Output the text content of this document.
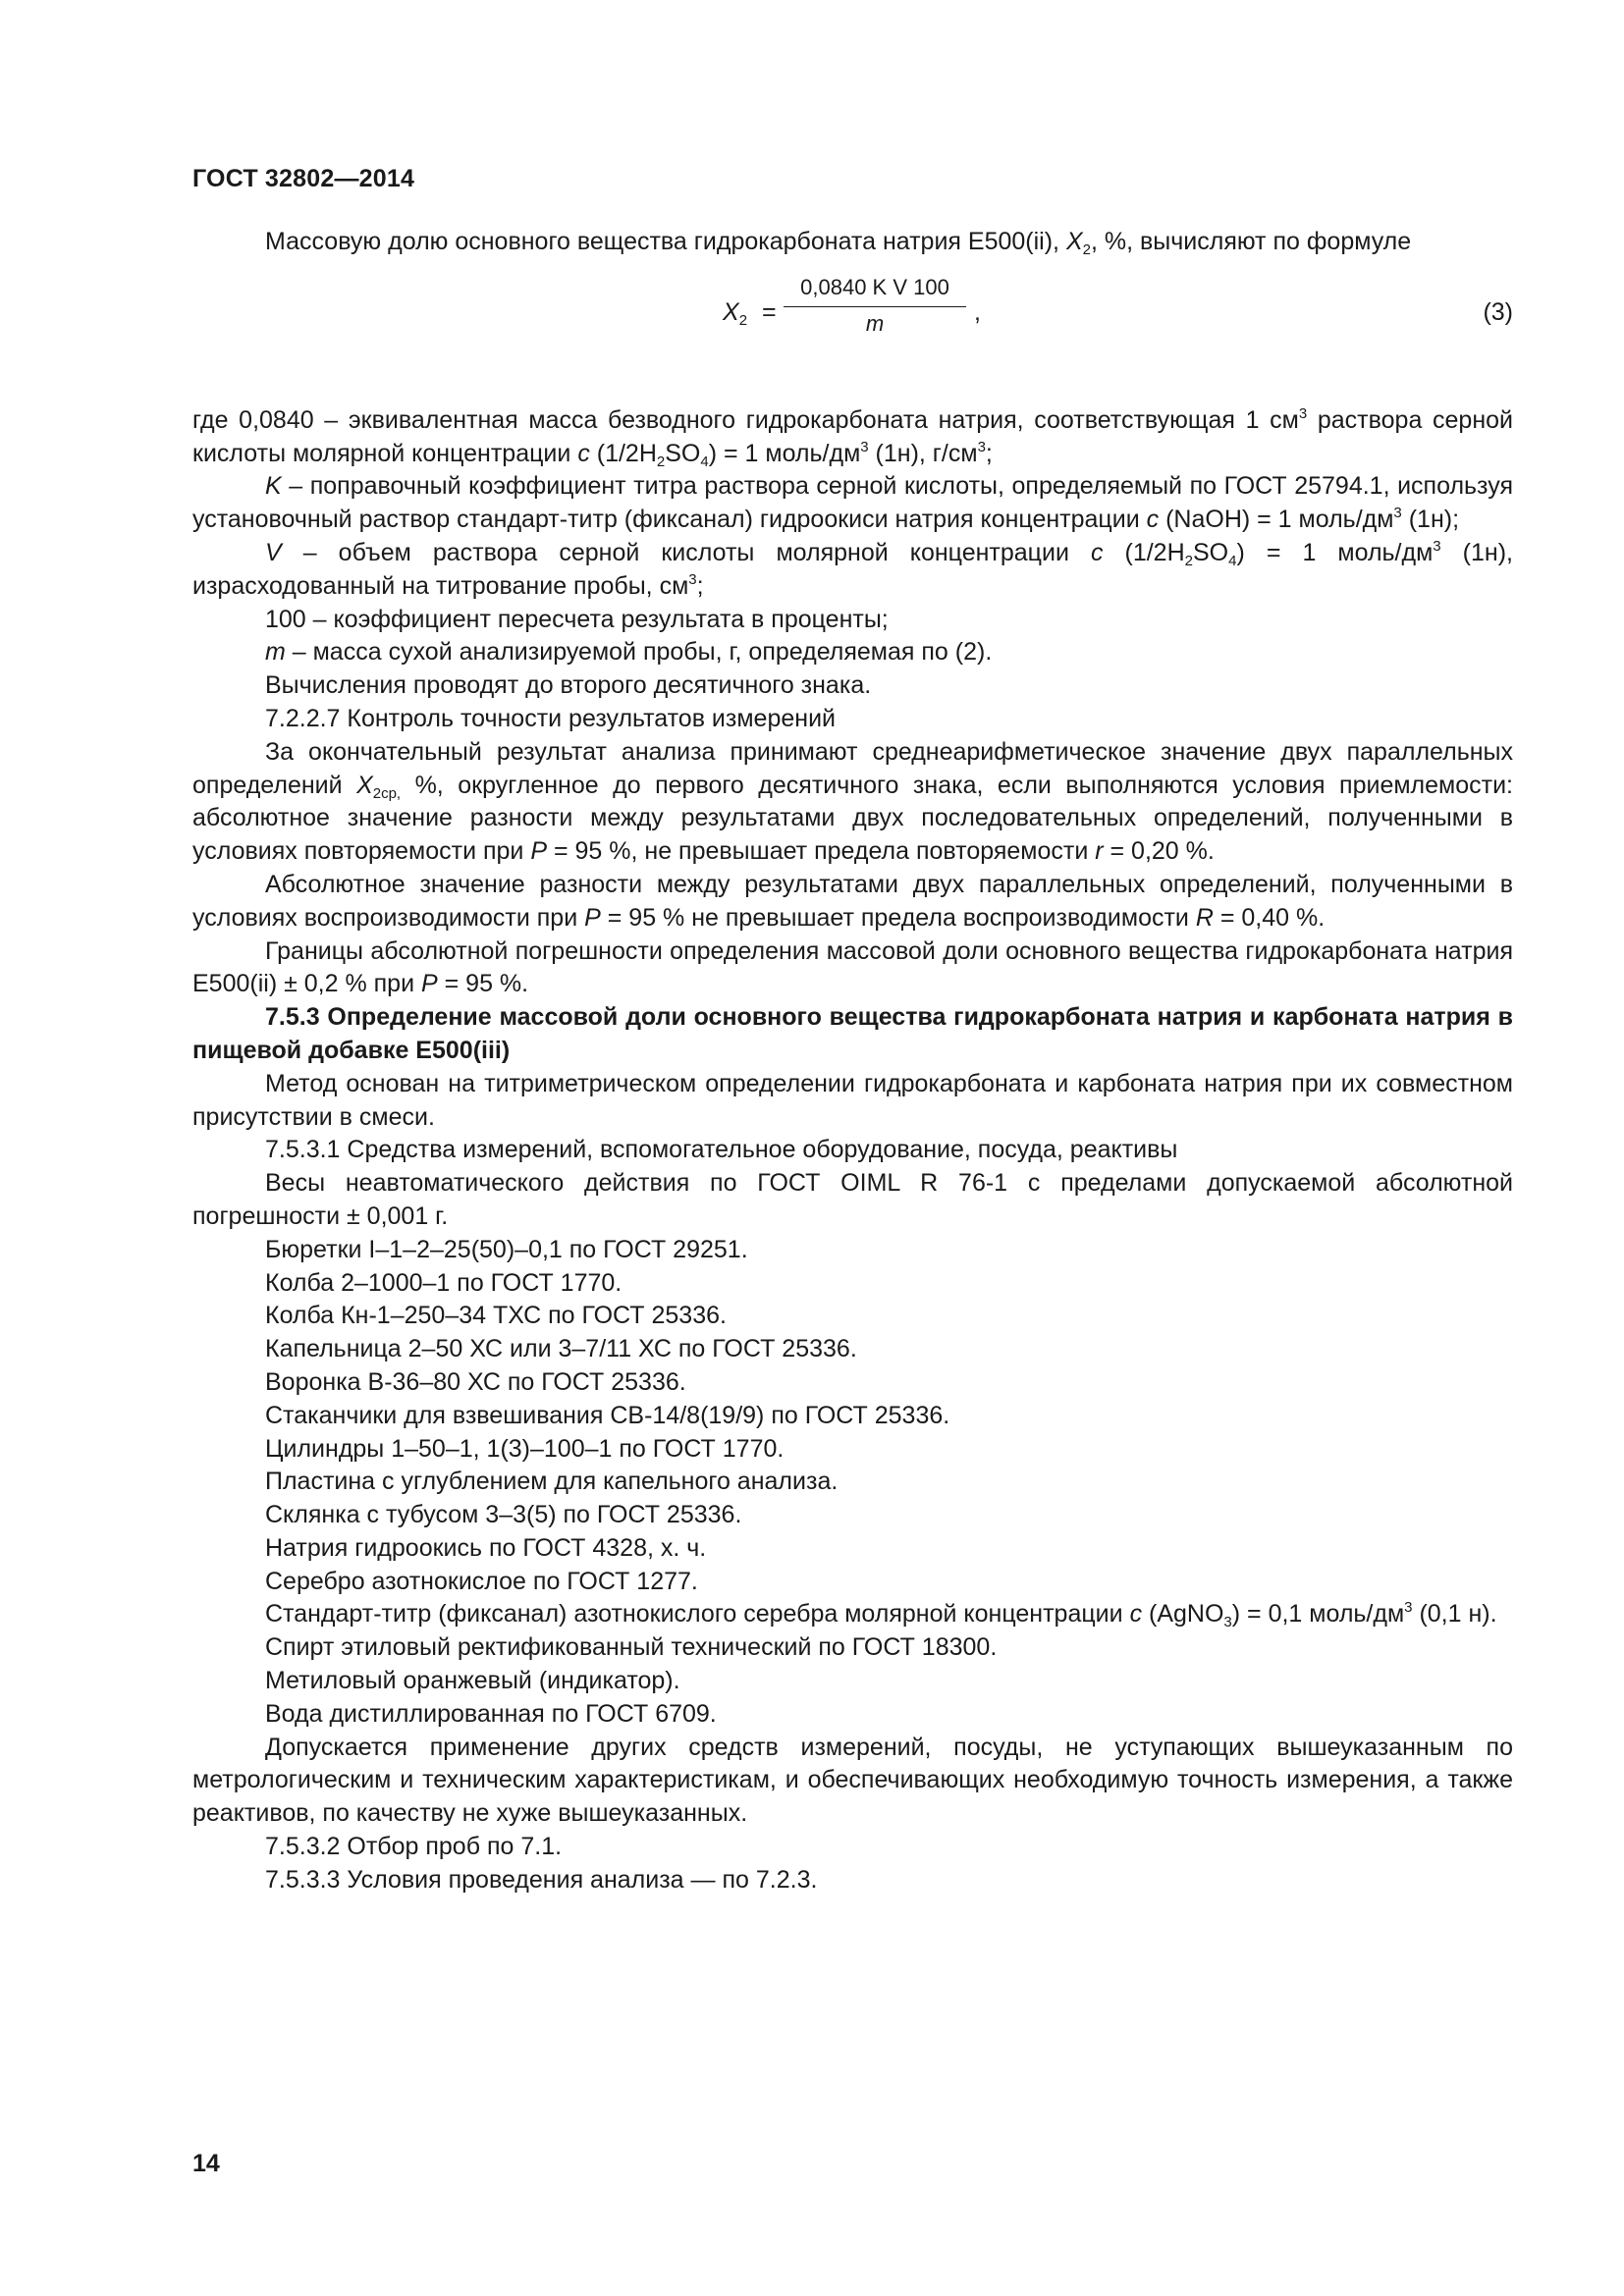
ГОСТ 32802—2014

Массовую долю основного вещества гидрокарбоната натрия Е500(ii), $X_2$, %, вычисляют по формуле

$X_2 = \frac{\text{0,0840 K V 100}}{m}$ ,	(3)

где 0,0840 – эквивалентная масса безводного гидрокарбоната натрия, соответствующая 1 $см^3$ раствора серной кислоты молярной концентрации c $(1/2H_2SO_4) = 1$ моль/$дм^3$ (1н), $г/см^3$;

K – поправочный коэффициент титра раствора серной кислоты, определяемый по ГОСТ 25794.1, используя установочный раствор стандарт-титр (фиксанал) гидроокиси натрия концентрации c (NaOH) = 1 моль/$дм^3$ (1н);

V – объем раствора серной кислоты молярной концентрации c $(1/2H_2SO_4) = 1$ моль/$дм^3$ (1н), израсходованный на титрование пробы, $см^3$;

100 – коэффициент пересчета результата в проценты;

m – масса сухой анализируемой пробы, г, определяемая по (2).

Вычисления проводят до второго десятичного знака.

7.2.2.7 Контроль точности результатов измерений

За окончательный результат анализа принимают среднеарифметическое значение двух параллельных определений $X_{2ср,}$ %, округленное до первого десятичного знака, если выполняются условия приемлемости: абсолютное значение разности между результатами двух последовательных определений, полученными в условиях повторяемости при P = 95 %, не превышает предела повторяемости r = 0,20 %.

Абсолютное значение разности между результатами двух параллельных определений, полученными в условиях воспроизводимости при P = 95 % не превышает предела воспроизводимости R = 0,40 %.

Границы абсолютной погрешности определения массовой доли основного вещества гидрокарбоната натрия Е500(ii) ± 0,2 % при P = 95 %.

7.5.3 Определение массовой доли основного вещества гидрокарбоната натрия и карбоната натрия в пищевой добавке Е500(iii)

Метод основан на титриметрическом определении гидрокарбоната и карбоната натрия при их совместном присутствии в смеси.

7.5.3.1 Средства измерений, вспомогательное оборудование, посуда, реактивы

Весы неавтоматического действия по ГОСТ OIML R 76-1 с пределами допускаемой абсолютной погрешности ± 0,001 г.

Бюретки I–1–2–25(50)–0,1 по ГОСТ 29251.

Колба 2–1000–1 по ГОСТ 1770.

Колба Кн-1–250–34 ТХС по ГОСТ 25336.

Капельница 2–50 ХС или 3–7/11 ХС по ГОСТ 25336.

Воронка В-36–80 ХС по ГОСТ 25336.

Стаканчики для взвешивания СВ-14/8(19/9) по ГОСТ 25336.

Цилиндры 1–50–1, 1(3)–100–1 по ГОСТ 1770.

Пластина с углублением для капельного анализа.

Склянка с тубусом 3–3(5) по ГОСТ 25336.

Натрия гидроокись по ГОСТ 4328, х. ч.

Серебро азотнокислое по ГОСТ 1277.

Стандарт-титр (фиксанал) азотнокислого серебра молярной концентрации c (AgNO$_3$) = 0,1 моль/$дм^3$ (0,1 н).

Спирт этиловый ректификованный технический по ГОСТ 18300.

Метиловый оранжевый (индикатор).

Вода дистиллированная по ГОСТ 6709.

Допускается применение других средств измерений, посуды, не уступающих вышеуказанным по метрологическим и техническим характеристикам, и обеспечивающих необходимую точность измерения, а также реактивов, по качеству не хуже вышеуказанных.

7.5.3.2 Отбор проб по 7.1.

7.5.3.3 Условия проведения анализа — по 7.2.3.

14
